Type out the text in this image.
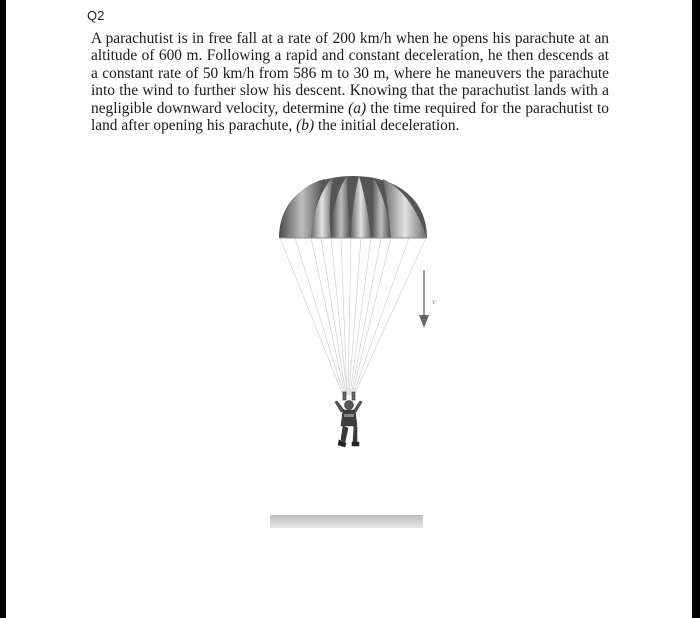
Q2

A parachutist is in free fall at a rate of 200 km/h when he opens his parachute at an
altitude of 600 m. Following a rapid and constant deceleration, he then descends at
a constant rate of 50 km/h from 586 m to 30 m, where he maneuvers the parachute
into the wind to further slow his descent. Knowing that the parachutist lands with a
negligible downward velocity, determine (a) the time required for the parachutist to
land after opening his parachute, (b) the initial deceleration.

v
